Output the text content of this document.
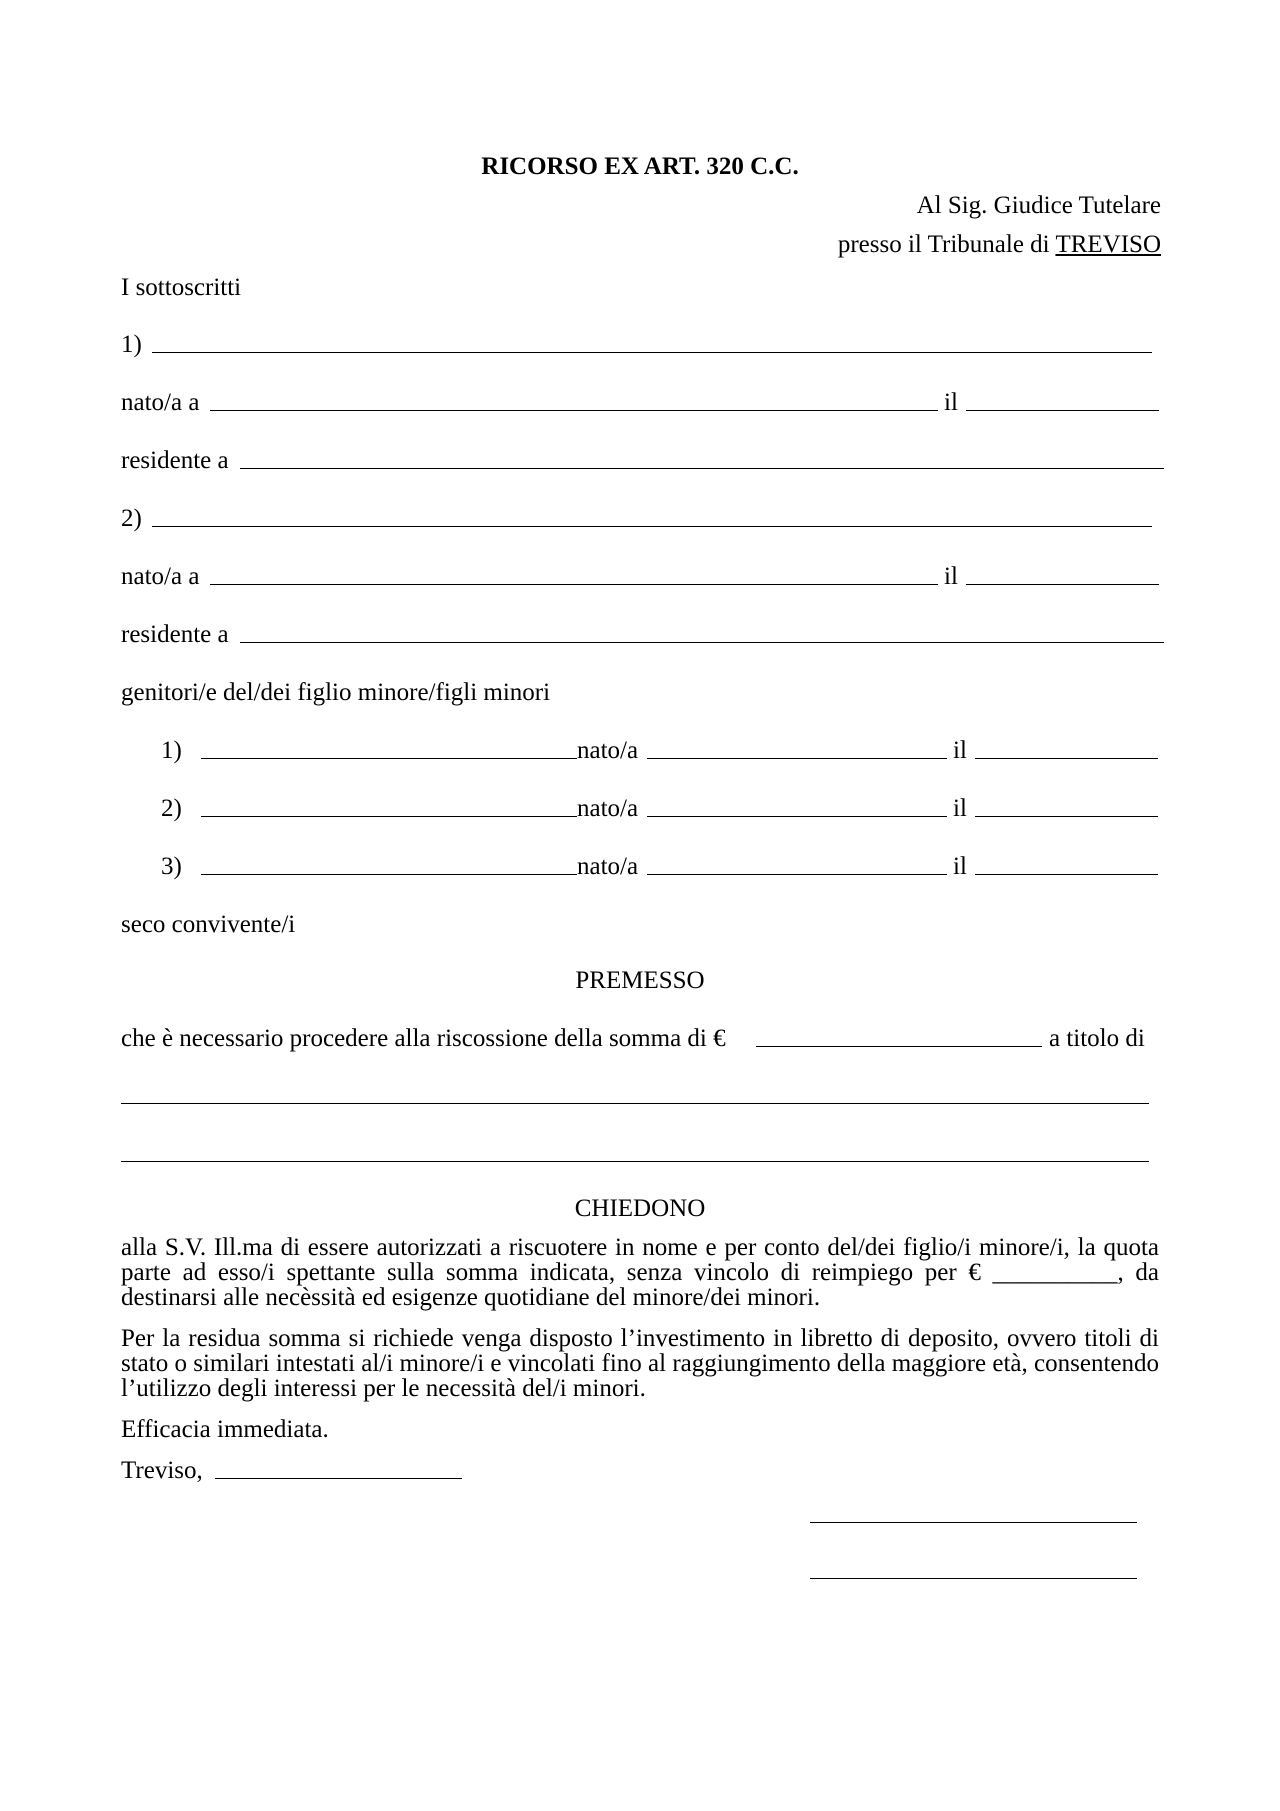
RICORSO EX ART. 320 C.C.
Al Sig. Giudice Tutelare
presso il Tribunale di TREVISO
I sottoscritti
1)
nato/a a	il
residente a
2)
nato/a a	il
residente a
genitori/e del/dei figlio minore/figli minori
1)	nato/a	il
2)	nato/a	il
3)	nato/a	il
seco convivente/i
PREMESSO
che è necessario procedere alla riscossione della somma di €	a titolo di
CHIEDONO
alla S.V. Ill.ma di essere autorizzati a riscuotere in nome e per conto del/dei figlio/i minore/i, la quota parte ad esso/i spettante sulla somma indicata, senza vincolo di reimpiego per € __________, da destinarsi alle necèssità ed esigenze quotidiane del minore/dei minori.
Per la residua somma si richiede venga disposto l’investimento in libretto di deposito, ovvero titoli di stato o similari intestati al/i minore/i e vincolati fino al raggiungimento della maggiore età, consentendo l’utilizzo degli interessi per le necessità del/i minori.
Efficacia immediata.
Treviso,
